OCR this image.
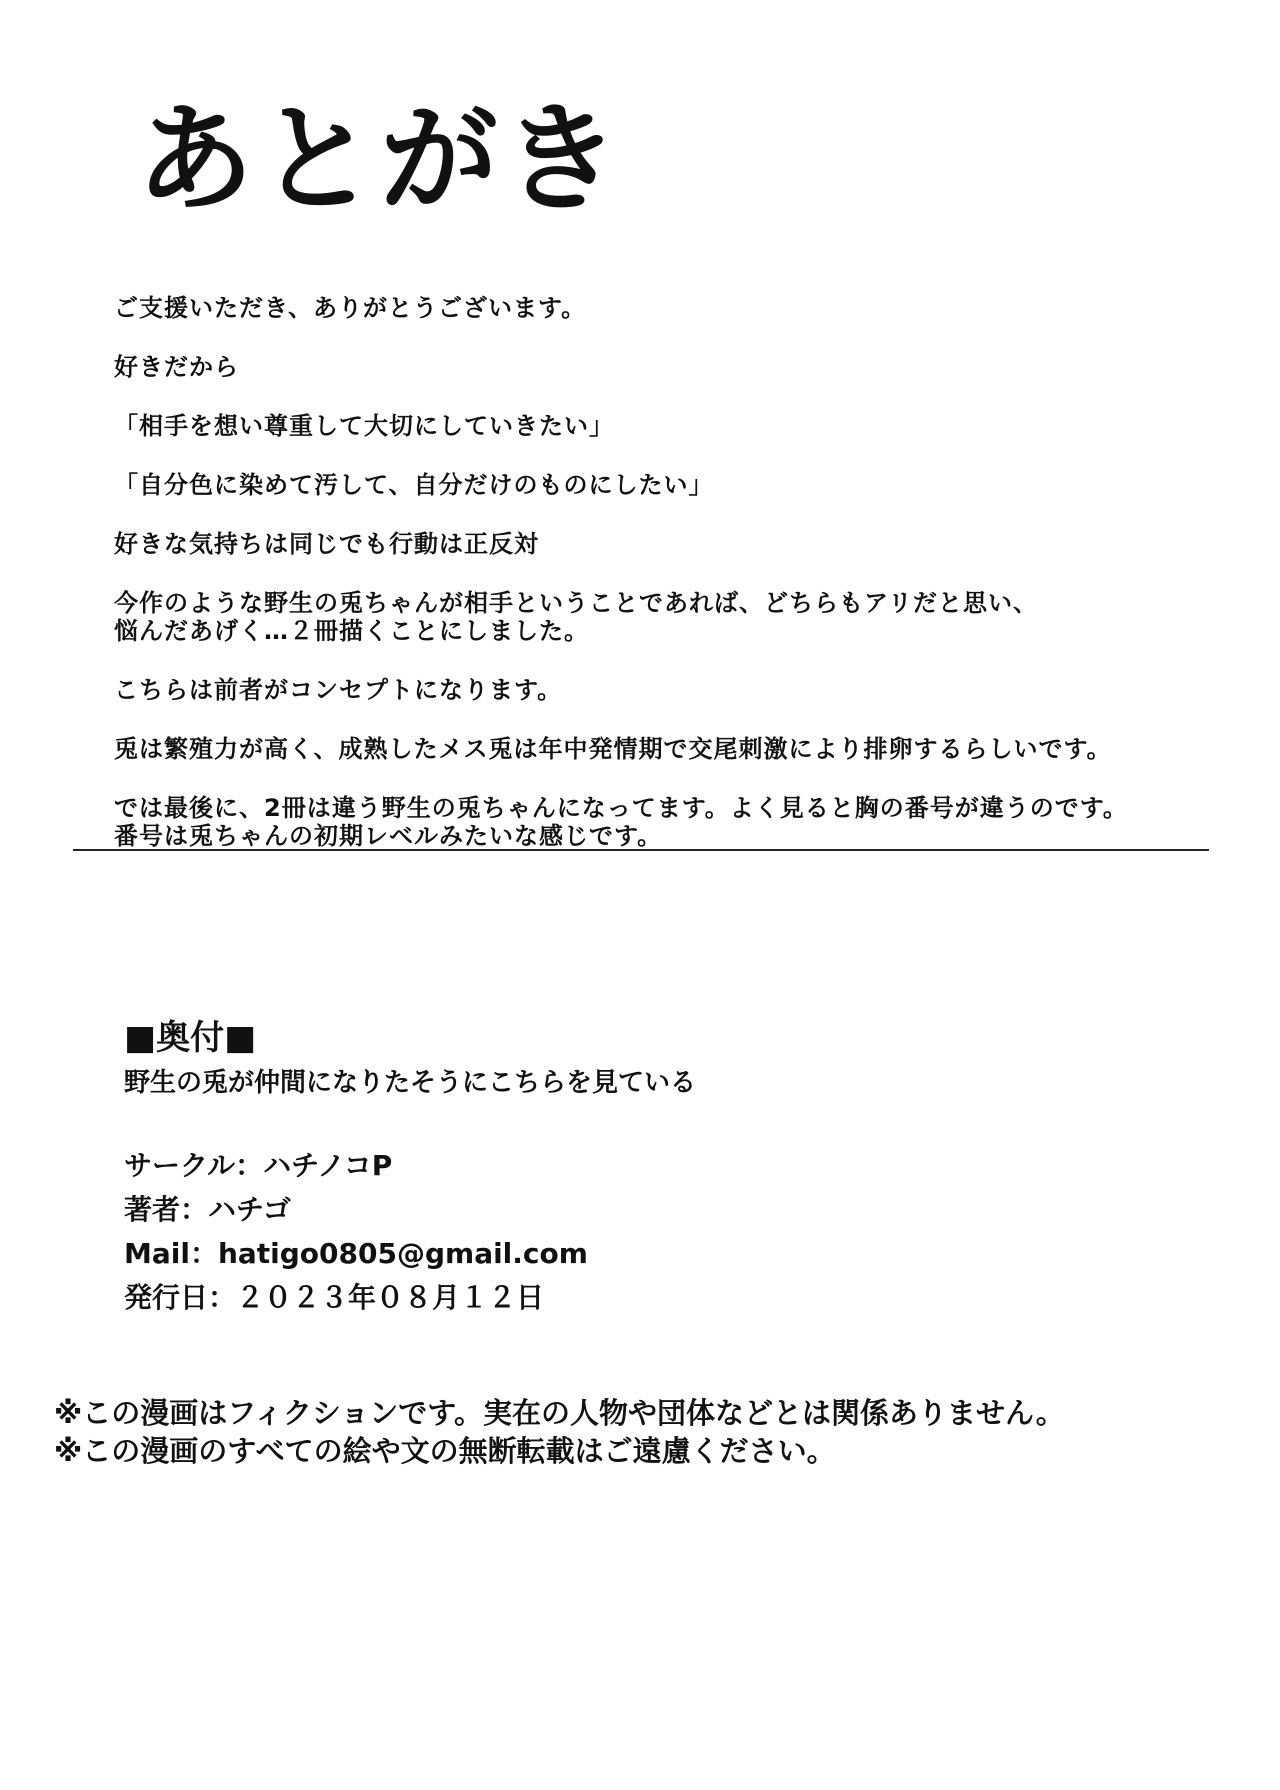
あとがき

ご支援いただき、ありがとうございます。

好きだから

「相手を想い尊重して大切にしていきたい」

「自分色に染めて汚して、自分だけのものにしたい」

好きな気持ちは同じでも行動は正反対

今作のような野生の兎ちゃんが相手ということであれば、どちらもアリだと思い、
悩んだあげく…２冊描くことにしました。

こちらは前者がコンセプトになります。

兎は繁殖力が高く、成熟したメス兎は年中発情期で交尾刺激により排卵するらしいです。

では最後に、2冊は違う野生の兎ちゃんになってます。よく見ると胸の番号が違うのです。
番号は兎ちゃんの初期レベルみたいな感じです。

■奥付■
野生の兎が仲間になりたそうにこちらを見ている
サークル：ハチノコP
著者：ハチゴ
Mail：hatigo0805@gmail.com
発行日：２０２３年０８月１２日
※この漫画はフィクションです。実在の人物や団体などとは関係ありません。
※この漫画のすべての絵や文の無断転載はご遠慮ください。
